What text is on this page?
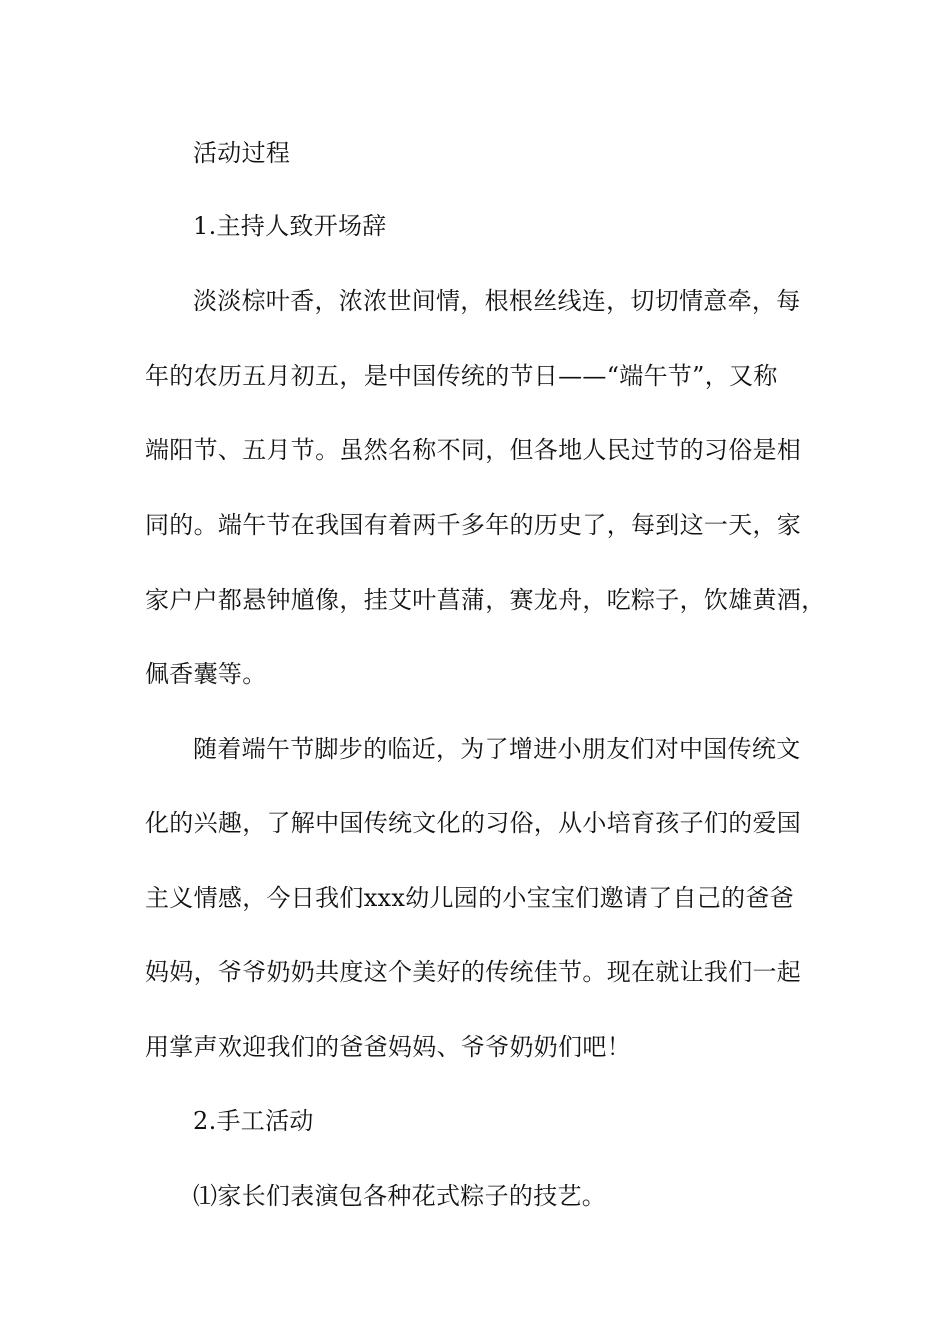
活动过程
1.主持人致开场辞
淡淡棕叶香，浓浓世间情，根根丝线连，切切情意牵，每
年的农历五月初五，是中国传统的节日——“端午节”，又称
端阳节、五月节。虽然名称不同，但各地人民过节的习俗是相
同的。端午节在我国有着两千多年的历史了，每到这一天，家
家户户都悬钟馗像，挂艾叶菖蒲，赛龙舟，吃粽子，饮雄黄酒，
佩香囊等。
随着端午节脚步的临近，为了增进小朋友们对中国传统文
化的兴趣，了解中国传统文化的习俗，从小培育孩子们的爱国
主义情感，今日我们xxx幼儿园的小宝宝们邀请了自己的爸爸
妈妈，爷爷奶奶共度这个美好的传统佳节。现在就让我们一起
用掌声欢迎我们的爸爸妈妈、爷爷奶奶们吧！
2.手工活动
⑴家长们表演包各种花式粽子的技艺。
